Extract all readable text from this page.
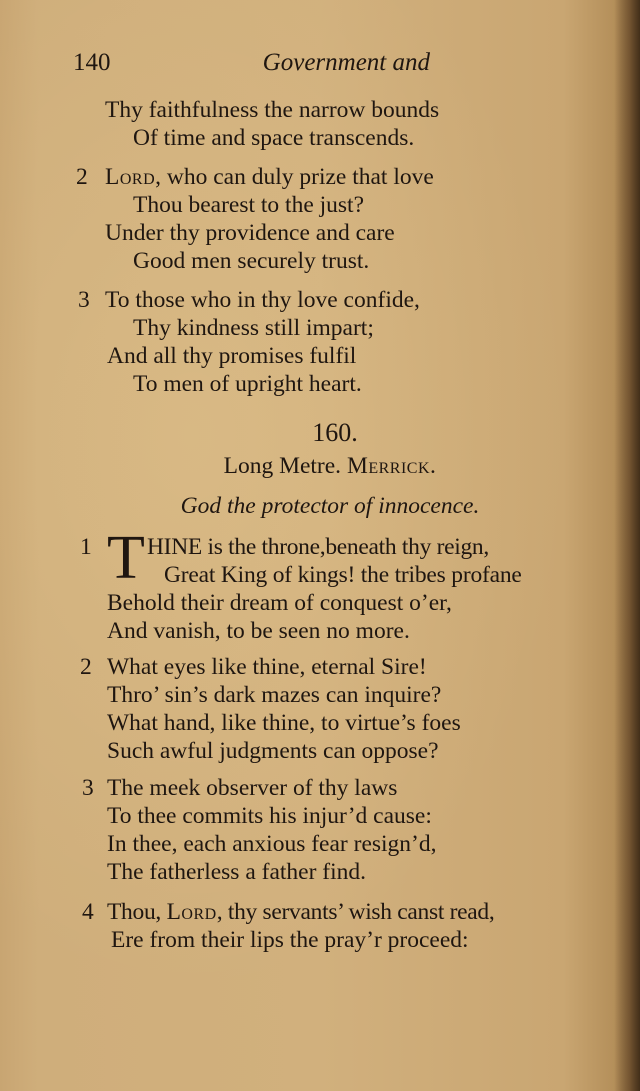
140	Government and
Thy faithfulness the narrow bounds
Of time and space transcends.
2 Lord, who can duly prize that love
Thou bearest to the just?
Under thy providence and care
Good men securely trust.
3 To those who in thy love confide,
Thy kindness still impart;
And all thy promises fulfil
To men of upright heart.
160.
Long Metre. Merrick.
God the protector of innocence.
1 T HINE is the throne,beneath thy reign,
Great King of kings! the tribes profane
Behold their dream of conquest o’er,
And vanish, to be seen no more.
2 What eyes like thine, eternal Sire!
Thro’ sin’s dark mazes can inquire?
What hand, like thine, to virtue’s foes
Such awful judgments can oppose?
3 The meek observer of thy laws
To thee commits his injur’d cause:
In thee, each anxious fear resign’d,
The fatherless a father find.
4 Thou, Lord, thy servants’ wish canst read,
Ere from their lips the pray’r proceed:
